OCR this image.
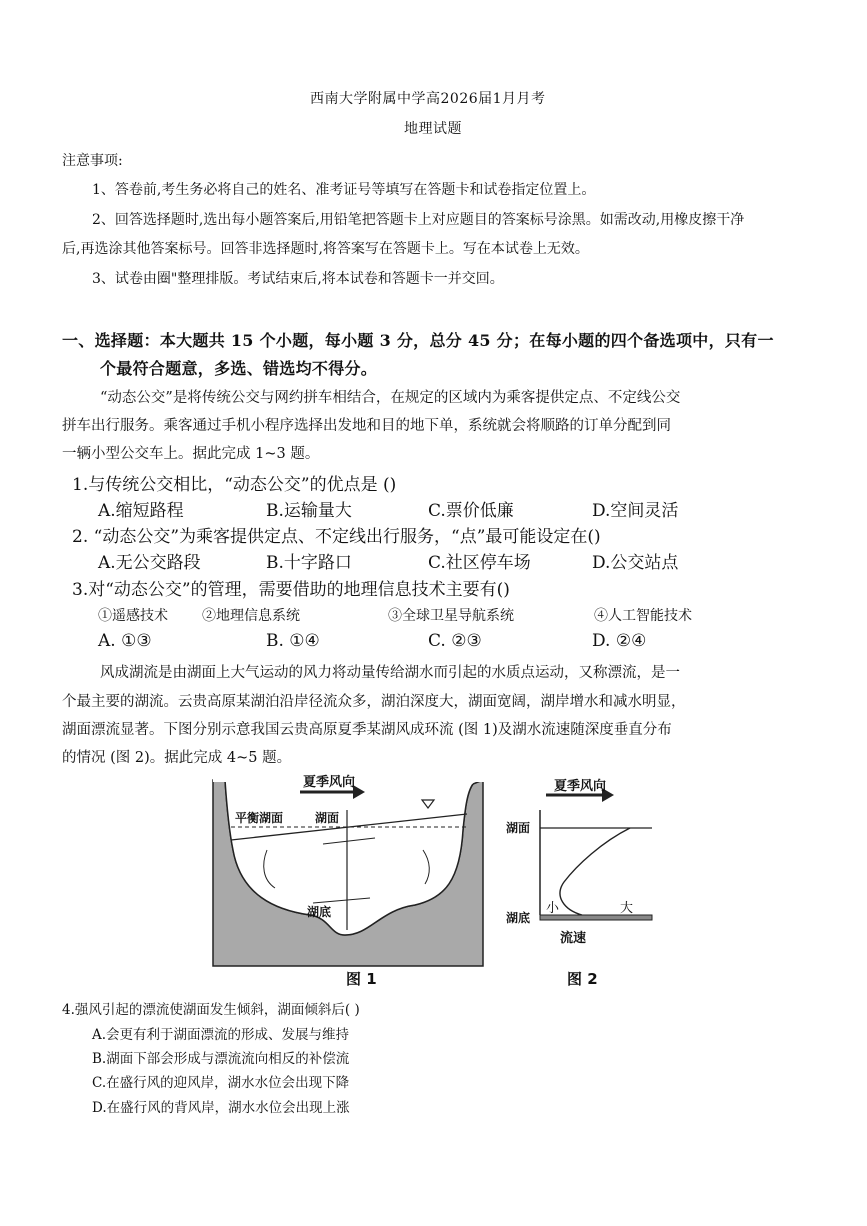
西南大学附属中学高2026届1月月考
地理试题
注意事项:
1、答卷前,考生务必将自己的姓名、准考证号等填写在答题卡和试卷指定位置上。
2、回答选择题时,选出每小题答案后,用铅笔把答题卡上对应题目的答案标号涂黑。如需改动,用橡皮擦干净
后,再选涂其他答案标号。回答非选择题时,将答案写在答题卡上。写在本试卷上无效。
3、试卷由圈"整理排版。考试结束后,将本试卷和答题卡一并交回。
一、选择题：本大题共 15 个小题，每小题 3 分，总分 45 分；在每小题的四个备选项中，只有一
个最符合题意，多选、错选均不得分。
“动态公交”是将传统公交与网约拼车相结合，在规定的区域内为乘客提供定点、不定线公交
拼车出行服务。乘客通过手机小程序选择出发地和目的地下单，系统就会将顺路的订单分配到同
一辆小型公交车上。据此完成 1~3 题。
1.与传统公交相比，“动态公交”的优点是 ()
A.缩短路程	B.运输量大	C.票价低廉	D.空间灵活
2. “动态公交”为乘客提供定点、不定线出行服务，“点”最可能设定在()
A.无公交路段	B.十字路口	C.社区停车场	D.公交站点
3.对“动态公交”的管理，需要借助的地理信息技术主要有()
①遥感技术 ②地理信息系统	③全球卫星导航系统	④人工智能技术
A. ①③	B. ①④	C. ②③	D. ②④
风成湖流是由湖面上大气运动的风力将动量传给湖水而引起的水质点运动，又称漂流，是一
个最主要的湖流。云贵高原某湖泊沿岸径流众多，湖泊深度大，湖面宽阔，湖岸增水和减水明显，
湖面漂流显著。下图分别示意我国云贵高原夏季某湖风成环流 (图 1)及湖水流速随深度垂直分布
的情况 (图 2)。据此完成 4~5 题。
夏季风向
平衡湖面	湖面
湖底
图 1
夏季风向
湖面
湖底
小	大
流速
图 2
4.强风引起的漂流使湖面发生倾斜，湖面倾斜后( )
A.会更有利于湖面漂流的形成、发展与维持
B.湖面下部会形成与漂流流向相反的补偿流
C.在盛行风的迎风岸，湖水水位会出现下降
D.在盛行风的背风岸，湖水水位会出现上涨
